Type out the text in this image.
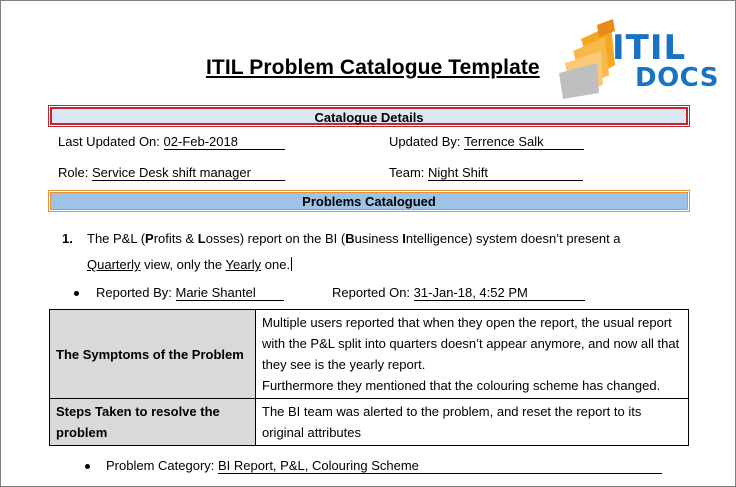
ITIL Problem Catalogue Template ITIL
DOCS
Catalogue Details
Last Updated On: 02-Feb-2018	Updated By: Terrence Salk
Role: Service Desk shift manager	Team: Night Shift
Problems Catalogued
1. The P&L (Profits & Losses) report on the BI (Business Intelligence) system doesn’t present a
Quarterly view, only the Yearly one.
Reported By: Marie Shantel	Reported On: 31-Jan-18, 4:52 PM
The Symptoms of the Problem	Multiple users reported that when they open the report, the usual report with the P&L split into quarters doesn’t appear anymore, and now all that they see is the yearly report.
Furthermore they mentioned that the colouring scheme has changed.

Steps Taken to resolve the problem	The BI team was alerted to the problem, and reset the report to its original attributes
Problem Category: BI Report, P&L, Colouring Scheme
